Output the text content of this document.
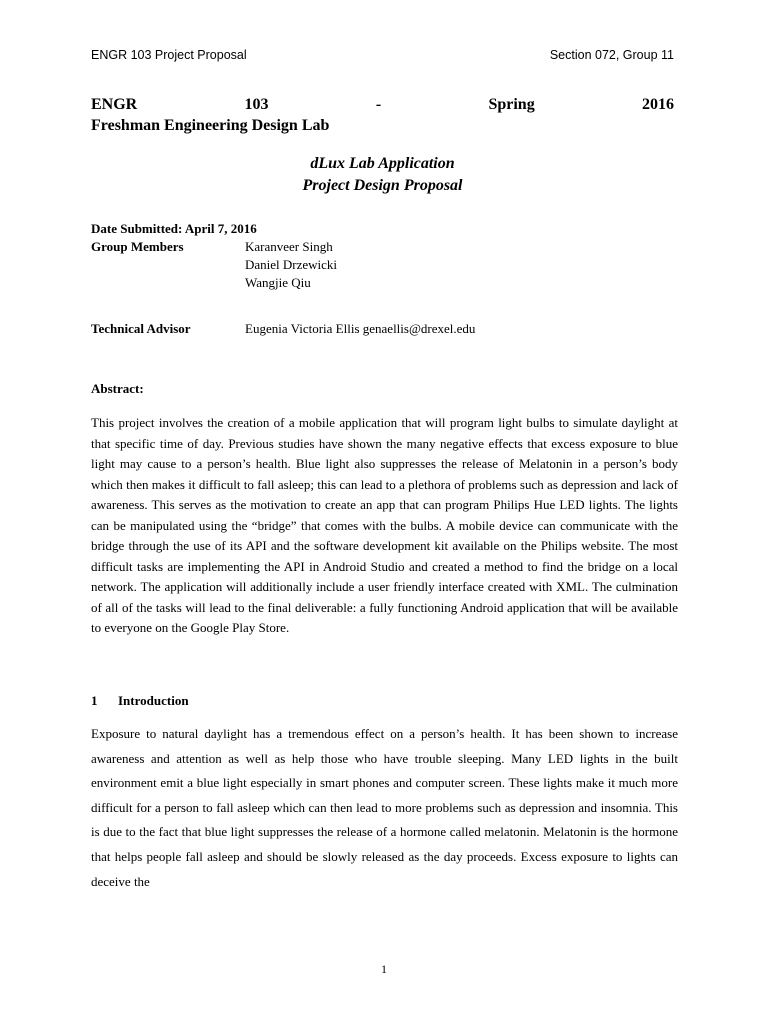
ENGR 103 Project Proposal	Section 072, Group 11
ENGR	103	-	Spring	2016
Freshman Engineering Design Lab
dLux Lab Application
Project Design Proposal
Date Submitted: April 7, 2016
Group Members	Karanveer Singh
Daniel Drzewicki
Wangjie Qiu
Technical Advisor	Eugenia Victoria Ellis genaellis@drexel.edu
Abstract:

This project involves the creation of a mobile application that will program light bulbs to simulate daylight at that specific time of day. Previous studies have shown the many negative effects that excess exposure to blue light may cause to a person’s health. Blue light also suppresses the release of Melatonin in a person’s body which then makes it difficult to fall asleep; this can lead to a plethora of problems such as depression and lack of awareness. This serves as the motivation to create an app that can program Philips Hue LED lights. The lights can be manipulated using the “bridge” that comes with the bulbs. A mobile device can communicate with the bridge through the use of its API and the software development kit available on the Philips website. The most difficult tasks are implementing the API in Android Studio and created a method to find the bridge on a local network. The application will additionally include a user friendly interface created with XML. The culmination of all of the tasks will lead to the final deliverable: a fully functioning Android application that will be available to everyone on the Google Play Store.

1	Introduction

Exposure to natural daylight has a tremendous effect on a person’s health. It has been shown to increase awareness and attention as well as help those who have trouble sleeping. Many LED lights in the built environment emit a blue light especially in smart phones and computer screen. These lights make it much more difficult for a person to fall asleep which can then lead to more problems such as depression and insomnia. This is due to the fact that blue light suppresses the release of a hormone called melatonin. Melatonin is the hormone that helps people fall asleep and should be slowly released as the day proceeds. Excess exposure to lights can deceive the

1
